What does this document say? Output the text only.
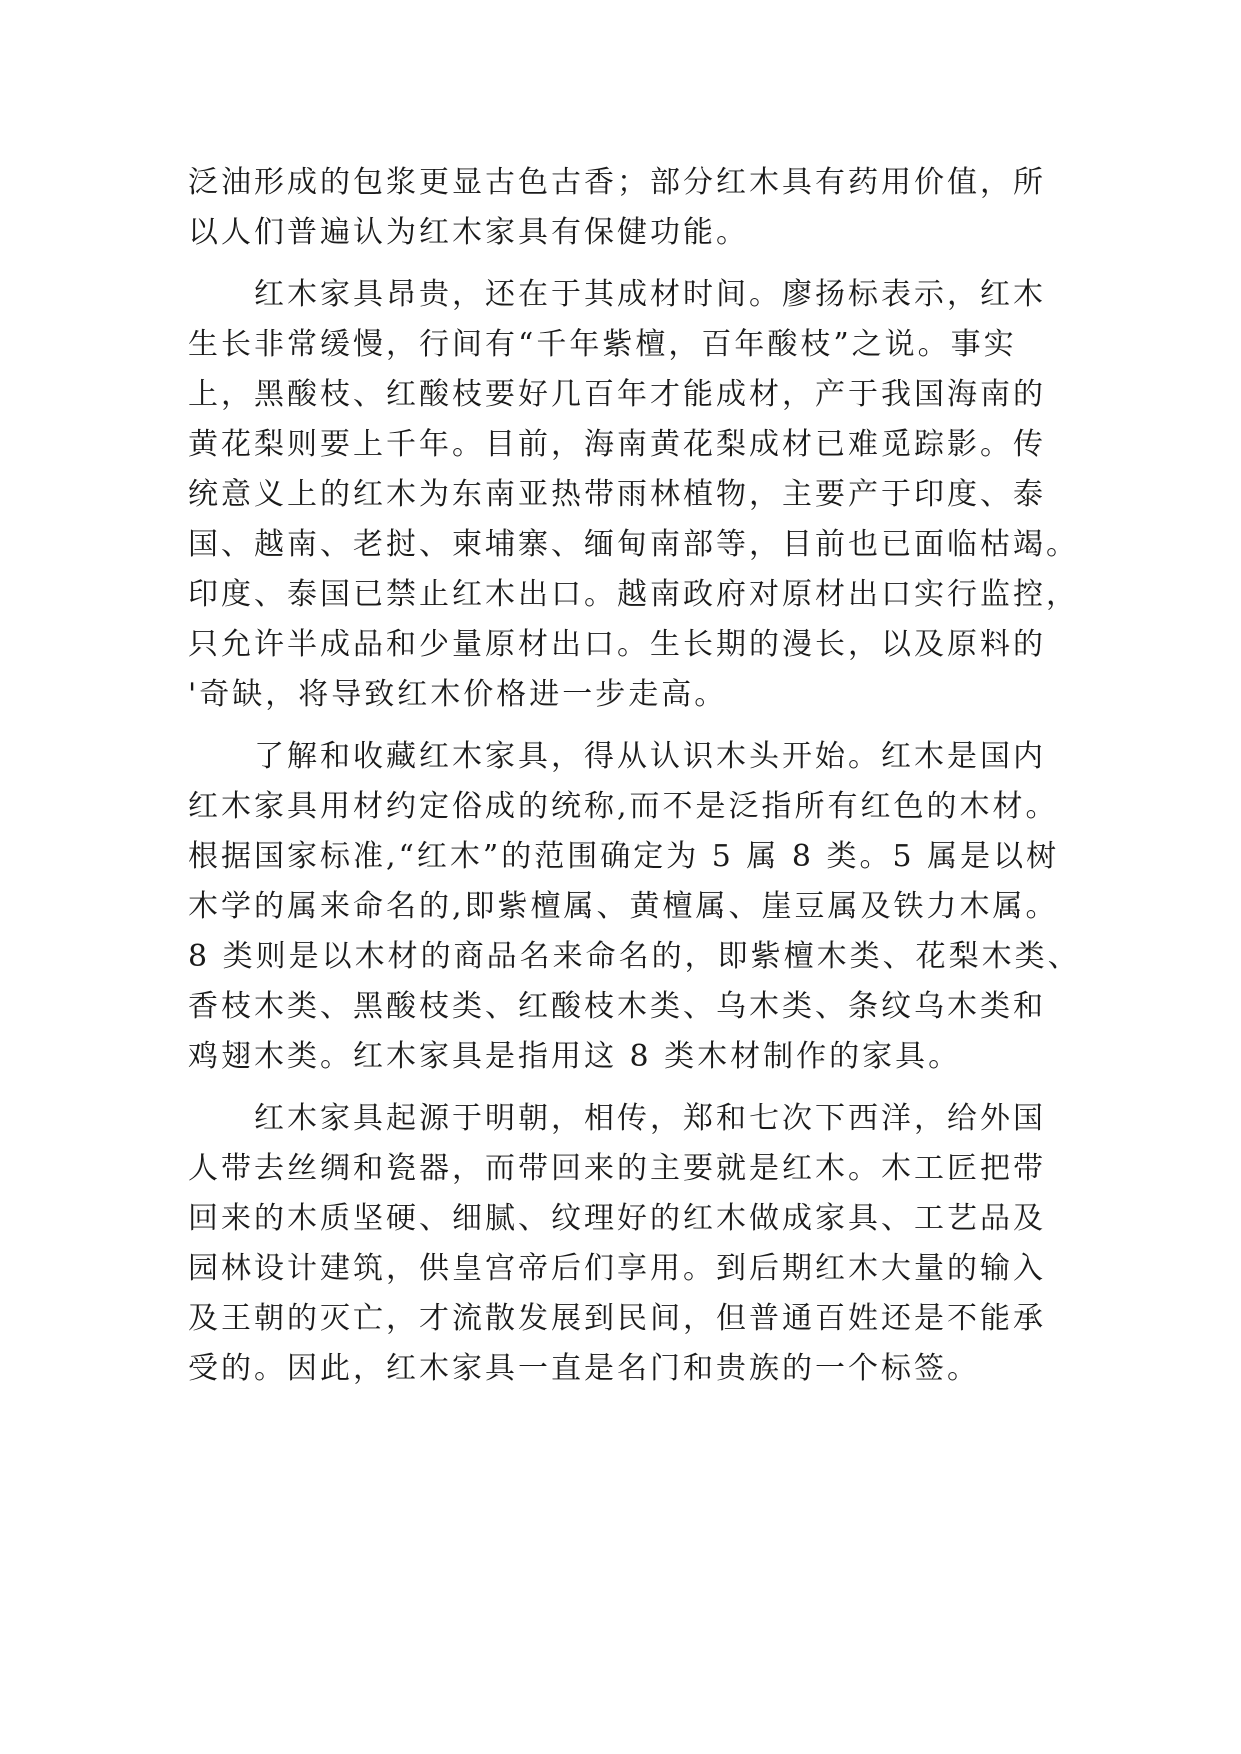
泛油形成的包浆更显古色古香；部分红木具有药用价值，所
以人们普遍认为红木家具有保健功能。

　　红木家具昂贵，还在于其成材时间。廖扬标表示，红木
生长非常缓慢，行间有“千年紫檀，百年酸枝”之说。事实
上，黑酸枝、红酸枝要好几百年才能成材，产于我国海南的
黄花梨则要上千年。目前，海南黄花梨成材已难觅踪影。传
统意义上的红木为东南亚热带雨林植物，主要产于印度、泰
国、越南、老挝、柬埔寨、缅甸南部等，目前也已面临枯竭。
印度、泰国已禁止红木出口。越南政府对原材出口实行监控，
只允许半成品和少量原材出口。生长期的漫长，以及原料的
'奇缺，将导致红木价格进一步走高。

　　了解和收藏红木家具，得从认识木头开始。红木是国内
红木家具用材约定俗成的统称,而不是泛指所有红色的木材。
根据国家标准,“红木”的范围确定为 5 属 8 类。5 属是以树
木学的属来命名的,即紫檀属、黄檀属、崖豆属及铁力木属。
8 类则是以木材的商品名来命名的，即紫檀木类、花梨木类、
香枝木类、黑酸枝类、红酸枝木类、乌木类、条纹乌木类和
鸡翅木类。红木家具是指用这 8 类木材制作的家具。

　　红木家具起源于明朝，相传，郑和七次下西洋，给外国
人带去丝绸和瓷器，而带回来的主要就是红木。木工匠把带
回来的木质坚硬、细腻、纹理好的红木做成家具、工艺品及
园林设计建筑，供皇宫帝后们享用。到后期红木大量的输入
及王朝的灭亡，才流散发展到民间，但普通百姓还是不能承
受的。因此，红木家具一直是名门和贵族的一个标签。
